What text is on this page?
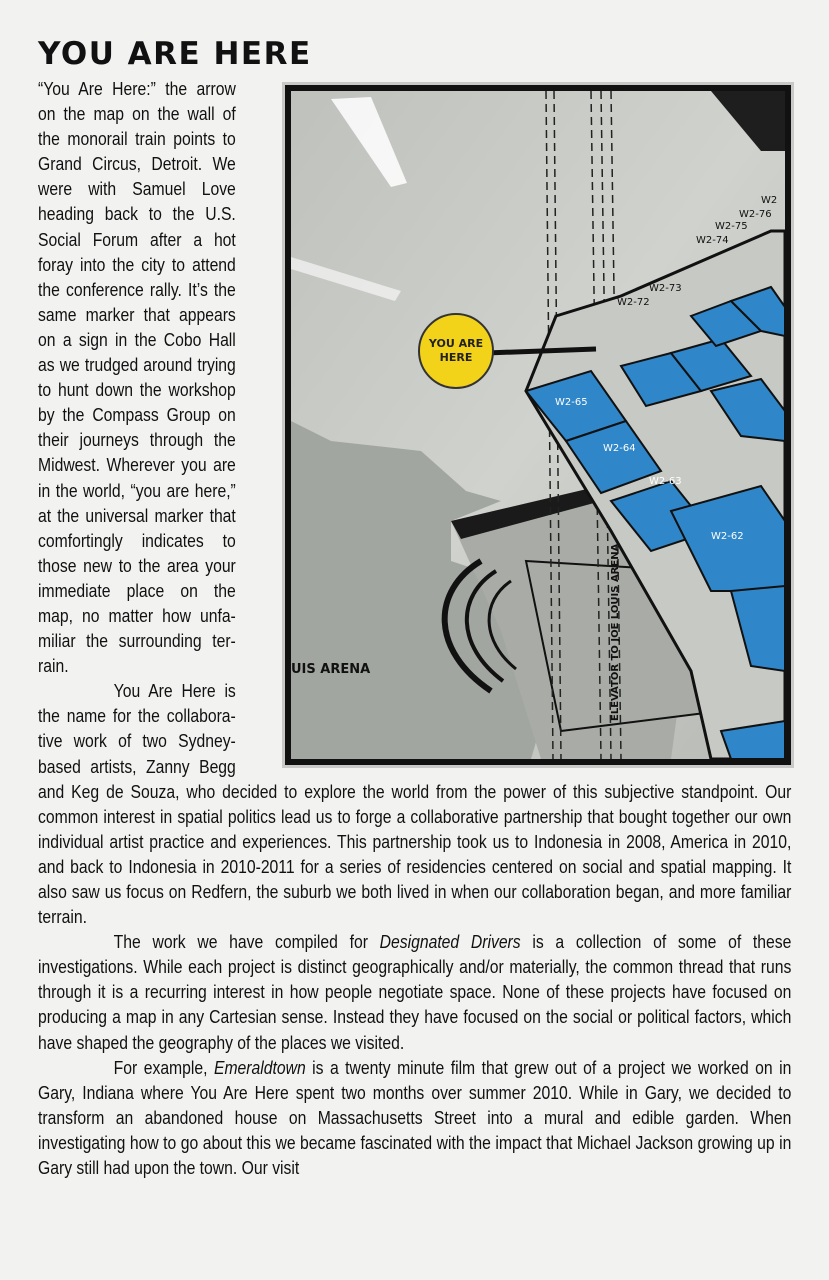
YOU ARE HERE
YOU ARE
HERE
W2-65
W2-64
W2-63
W2-62
W2-73
W2-72
W2-74
W2-75
W2-76
W2
UIS ARENA	ELEVATOR TO JOE LOUIS ARENA

“You Are Here:” the arrow on the map on the wall of the monorail train points to Grand Circus, Detroit. We were with Samuel Love heading back to the U.S. Social Forum after a hot foray into the city to attend the conference rally. It’s the same marker that appears on a sign in the Cobo Hall as we trudged around trying to hunt down the workshop by the Compass Group on their journeys through the Midwest. Wherever you are in the world, “you are here,” at the universal marker that comfortingly indicates to those new to the area your immediate place on the map, no matter how unfamiliar the surrounding terrain.

You Are Here is the name for the collaborative work of two Sydney-based artists, Zanny Begg and Keg de Souza, who decided to explore the world from the power of this subjective standpoint. Our common interest in spatial politics lead us to forge a collaborative partnership that bought together our own individual artist practice and experiences. This partnership took us to Indonesia in 2008, America in 2010, and back to Indonesia in 2010-2011 for a series of residencies centered on social and spatial mapping. It also saw us focus on Redfern, the suburb we both lived in when our collaboration began, and more familiar terrain.

The work we have compiled for Designated Drivers is a collection of some of these investigations. While each project is distinct geographically and/or materially, the common thread that runs through it is a recurring interest in how people negotiate space. None of these projects have focused on producing a map in any Cartesian sense. Instead they have focused on the social or political factors, which have shaped the geography of the places we visited.

For example, Emeraldtown is a twenty minute film that grew out of a project we worked on in Gary, Indiana where You Are Here spent two months over summer 2010. While in Gary, we decided to transform an abandoned house on Massachusetts Street into a mural and edible garden. When investigating how to go about this we became fascinated with the impact that Michael Jackson growing up in Gary still had upon the town. Our visit
